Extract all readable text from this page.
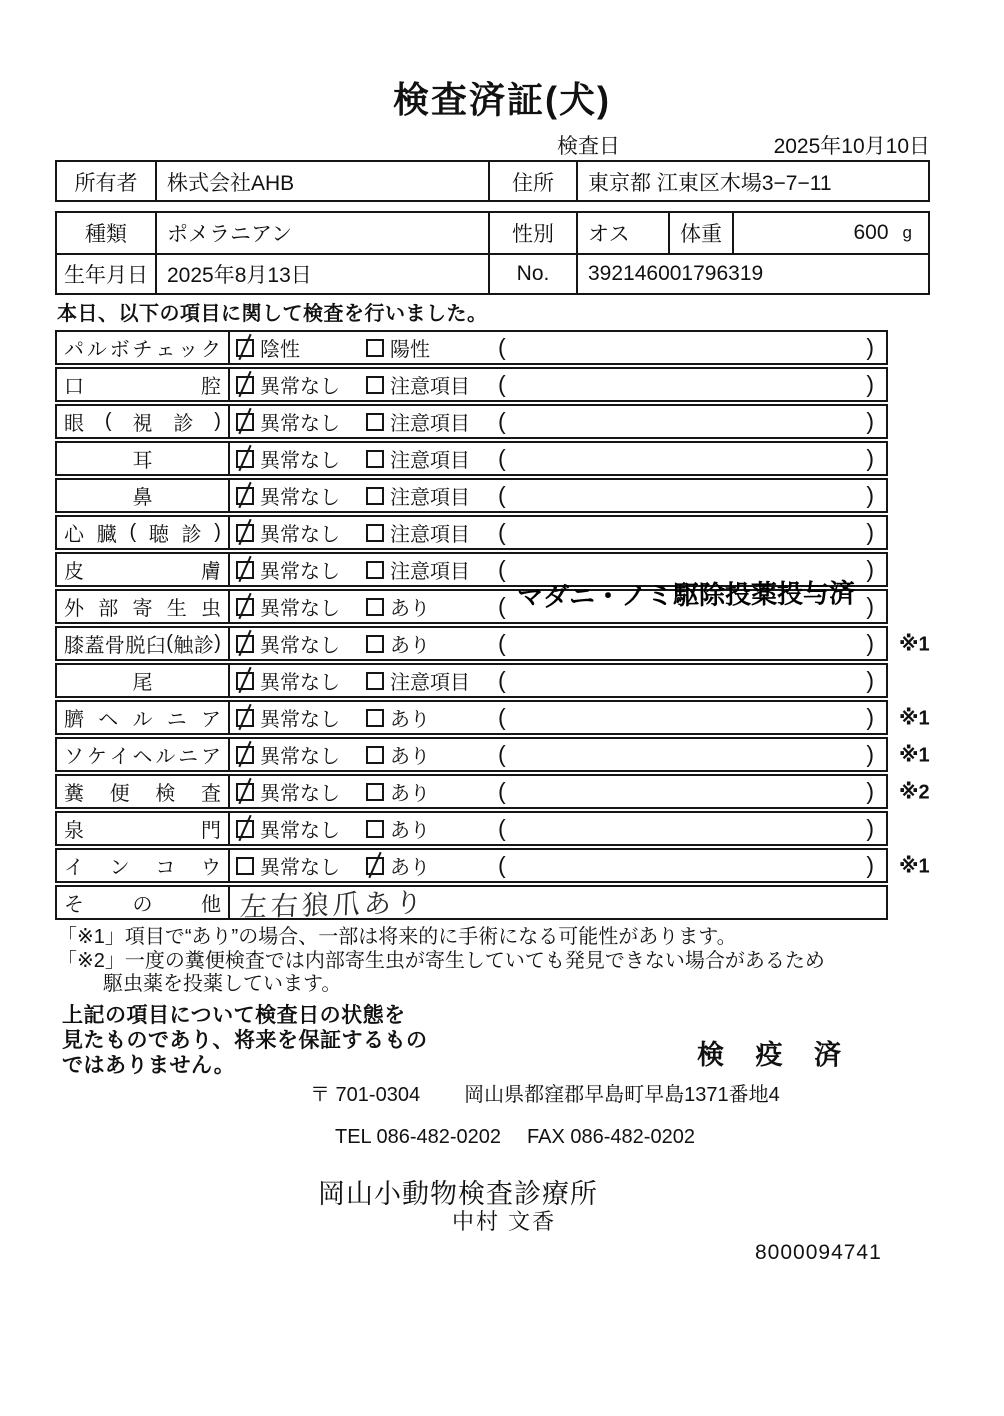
検査済証(犬)
検査日	2025年10月10日
所有者	株式会社AHB	住所	東京都 江東区木場3−7−11
種類	ポメラニアン	性別	オス	体重	600 g
生年月日 2025年8月13日	No.	392146001796319
本日、以下の項目に関して検査を行いました。
マダニ・ノミ駆除投薬投与済
パ ル ボ チ ェ ッ ク 陰性	陽性	(	)
口	腔 異常なし	注意項目 (	)
眼 ( 視 診 ) 異常なし	注意項目 (	)
耳	異常なし	注意項目 (	)
鼻	異常なし	注意項目 (	)
心 臓 ( 聴 診 ) 異常なし	注意項目 (	)
皮	膚 異常なし	注意項目 (	)
外 部 寄 生 虫 異常なし	あり	(	)
膝 蓋 骨 脱 臼 ( 触 診 ) 異常なし	あり	(	) ※1
尾	異常なし	注意項目 (	)
臍 ヘ ル ニ ア 異常なし	あり	(	) ※1
ソ ケ イ ヘ ル ニ ア 異常なし	あり	(	) ※1
糞 便 検 査 異常なし	あり	(	) ※2
泉	門 異常なし	あり	(	)
イ ン コ ウ 異常なし	あり	(	) ※1
そ の 他 左右狼爪あり
「※1」項目で“あり”の場合、一部は将来的に手術になる可能性があります。
「※2」一度の糞便検査では内部寄生虫が寄生していても発見できない場合があるため
駆虫薬を投薬しています。
上記の項目について検査日の状態を
見たものであり、将来を保証するもの
ではありません。	検 疫 済
〒 701-0304 岡山県都窪郡早島町早島1371番地4
TEL 086-482-0202 FAX 086-482-0202
岡山小動物検査診療所
中村 文香
8000094741
